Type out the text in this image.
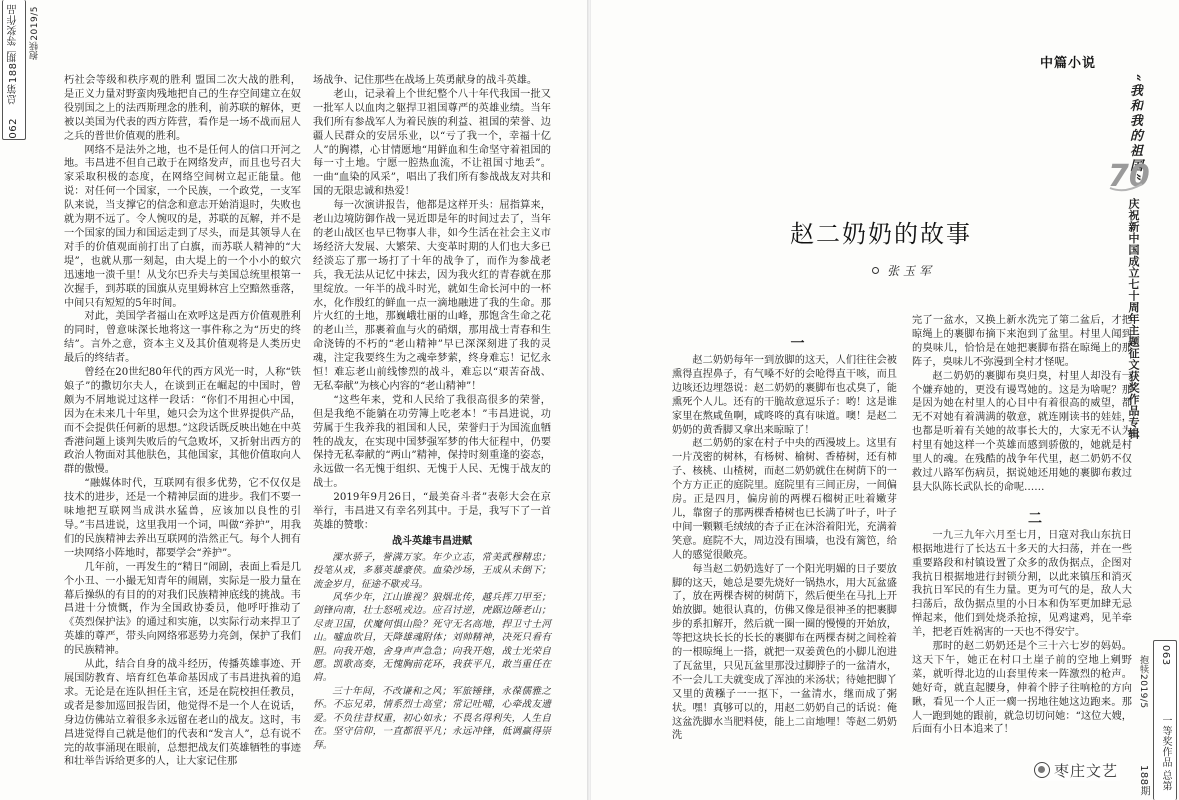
一等奖作品
总第188期
062
抱犊2019/5

朽社会等级和秩序观的胜利 盟国二次大战的胜利，是正义力量对野蛮肉残地把自己的生存空间建立在奴役别国之上的法西斯理念的胜利，前苏联的解体，更被以美国为代表的西方阵营，看作是一场不战而屈人之兵的普世价值观的胜利。

网络不是法外之地，也不是任何人的信口开河之地。韦昌进不但自己敢于在网络发声，而且也号召大家采取积极的态度，在网络空间树立起正能量。他说：对任何一个国家，一个民族，一个政党，一支军队来说，当支撑它的信念和意志开始消退时，失败也就为期不远了。令人惋叹的是，苏联的瓦解，并不是一个国家的国力和国运走到了尽头，而是其领导人在对手的价值观面前打出了白旗，而苏联人精神的“大堤”，也就从那一刻起，由大堤上的一个小小的蚁穴迅速地一溃千里！从戈尔巴乔夫与美国总统里根第一次握手，到苏联的国旗从克里姆林宫上空黯然垂落，中间只有短短的5年时间。

对此，美国学者福山在欢呼这是西方价值观胜利的同时，曾意味深长地将这一事件称之为“历史的终结”。言外之意，资本主义及其价值观将是人类历史最后的终结者。

曾经在20世纪80年代的西方风光一时，人称“铁娘子”的撒切尔夫人，在谈到正在崛起的中国时，曾颇为不屑地说过这样一段话：“你们不用担心中国，因为在未来几十年里，她只会为这个世界提供产品，而不会提供任何新的思想。”这段话既反映出她在中英香港问题上谈判失败后的气急败坏，又折射出西方的政治人物面对其他肤色，其他国家，其他价值取向人群的傲慢。

“融媒体时代，互联网有很多优势，它不仅仅是技术的进步，还是一个精神层面的进步。我们不要一味地把互联网当成洪水猛兽，应该加以良性的引导。”韦昌进说，这里我用一个词，叫做“养护”，用我们的民族精神去养出互联网的浩然正气。每个人拥有一块网络小阵地时，都要学会“养护”。

几年前，一再发生的“精日”闹剧，表面上看是几个小丑、一小撮无知青年的闹剧，实际是一股力量在幕后操纵的有目的的对我们民族精神底线的挑战。韦昌进十分愤慨，作为全国政协委员，他呼吁推动了《英烈保护法》的通过和实施，以实际行动来捍卫了英雄的尊严，带头向网络邪恶势力亮剑，保护了我们的民族精神。

从此，结合自身的战斗经历，传播英雄事迹、开展国防教育、培育红色革命基因成了韦昌进执着的追求。无论是在连队担任主官，还是在院校担任教员，或者是参加巡回报告团，他觉得不是一个人在说话，身边仿佛站立着很多永远留在老山的战友。这时，韦昌进觉得自己就是他们的代表和“发言人”，总有说不完的故事涌现在眼前，总想把战友们英雄牺牲的事迹和壮举告诉给更多的人，让大家记住那

场战争、记住那些在战场上英勇献身的战斗英雄。

老山，记录着上个世纪整个八十年代我国一批又一批军人以血肉之躯捍卫祖国尊严的英雄业绩。当年我们所有参战军人为着民族的利益、祖国的荣誉、边疆人民群众的安居乐业，以“亏了我一个，幸福十亿人”的胸襟，心甘情愿地“用鲜血和生命坚守着祖国的每一寸土地。宁愿一腔热血流，不让祖国寸地丢”。一曲“血染的风采”，唱出了我们所有参战战友对共和国的无限忠诚和热爱！

每一次演讲报告，他都是这样开头：屈指算来，老山边境防御作战一晃近即是年的时间过去了，当年的老山战区也早已物事人非，如今生活在社会主义市场经济大发展、大繁荣、大变革时期的人们也大多已经淡忘了那一场打了十年的战争了，而作为参战老兵，我无法从记忆中抹去，因为我火红的青春就在那里绽放。一年半的战斗时光，就如生命长河中的一杯水，化作殷红的鲜血一点一滴地融进了我的生命。那片火红的土地，那巍峨壮丽的山峰，那饱含生命之花的老山兰，那裹着血与火的硝烟，那用战士青春和生命浇铸的不朽的“老山精神”早已深深刻进了我的灵魂，注定我要终生为之魂牵梦萦，终身难忘！记忆永恒！难忘老山前线惨烈的战斗，难忘以“艰苦奋战、无私奉献”为核心内容的“老山精神”！

“这些年来，党和人民给了我很高很多的荣誉，但是我绝不能躺在功劳簿上吃老本！”韦昌进说，功劳属于生我养我的祖国和人民，荣誉归于为国流血牺牲的战友，在实现中国梦强军梦的伟大征程中，仍要保持无私奉献的“两山”精神，保持时刻重逢的姿态，永远做一名无愧于组织、无愧于人民、无愧于战友的战士。

2019年9月26日，“最美奋斗者”表彰大会在京举行，韦昌进又有幸名列其中。于是，我写下了一首英雄的赞歌：

战斗英雄韦昌进赋

溧水骄子，誉满万家。年少立志，常美武穆精忠；投笔从戎，多慕英雄豪侠。血染沙场，王成从未倒下；流金岁月，征途不歇戎马。

风华少年，江山谁视？狼烟北传，越兵挥刀甲至；剑锋向南，壮士怒吼戎边。应召讨逆，虎踞边陲老山；尽责卫国，伏魔何惧山险？死守无名高地，捍卫寸土河山。嘘血吹目，天降雄魂附体；刘帅精神，决死只看有胆。向我开炮，舍身声声急急；向我开炮，战士光荣自愿。凯歌高奏，无愧胸前花环，我获平凡，敢当重任在肩。

三十年间，不改谦和之风；军旅锤锋，永葆儒雅之怀。不忘兄弟，情系烈士高堂；常记吐哺，心牵战友遗爱。不负往昔权重，初心如永；不畏名得利失，人生自在。坚守信仰，一直都很平凡；永远冲锋，低调赢得崇拜。

中篇小说
“我和我的祖国”
70
庆祝新中国成立七十周年主题征文获奖作品专辑
赵二奶奶的故事
张玉军

一

赵二奶奶每年一到放脚的这天，人们往往会被熏得直捏鼻子，有气嗓不好的会呛得直干咳，而且边咳还边埋怨说：赵二奶奶的裹脚布也忒臭了，能熏死个人儿。还有的干脆故意逗乐子：哟！这是谁家里在熬咸鱼啊，咸咚咚的真有味道。噢！是赵二奶奶的黄香脚又拿出来晾晾了！

赵二奶奶的家在村子中央的西漫坡上。这里有一片茂密的树林，有杨树、榆树、香椿树，还有柿子、核桃、山楂树，而赵二奶奶就住在树荫下的一个方方正正的庭院里。庭院里有三间正房，一间偏房。正是四月，偏房前的两棵石榴树正吐着嫩芽儿，靠窗子的那两棵香椿树也已长满了叶子，叶子中间一颗颗毛绒绒的杏子正在沐浴着阳光，充满着笑意。庭院不大，周边没有围墙，也没有篱笆，给人的感觉很敞亮。

每当赵二奶奶选好了一个阳光明媚的日子要放脚的这天，她总是要先烧好一锅热水，用大瓦盆盛了，放在两棵杏树的树荫下，然后便坐在马扎上开始放脚。她很认真的，仿佛又像是很神圣的把裹脚步的系扣解开，然后就一圈一圈的慢慢的开始放，等把这块长长的长长的裹脚布在两棵杏树之间栓着的一根晾绳上一搭，就把一双姜黄色的小脚儿泡进了瓦盆里，只见瓦盆里那没过脚脖子的一盆清水，不一会儿工夫就变成了浑浊的米汤状；待她把脚丫又里的黄糨子一一抠下，一盆清水，继而成了粥状。嘿！真够可以的，用赵二奶奶自己的话说：俺这盆洗脚水当肥料使，能上二亩地哩！等赵二奶奶洗

完了一盆水，又换上新水洗完了第二盆后，才把晾绳上的裹脚布摘下来泡到了盆里。村里人闻到的臭味儿，恰恰是在她把裹脚布搭在晾绳上的那阵子，臭味儿不弥漫到全村才怪呢。

赵二奶奶的裹脚布臭归臭，村里人却没有一个嫌弃她的，更没有谩骂她的。这是为啥呢？那是因为她在村里人的心目中有着很高的威望，都无不对她有着满满的敬意，就连刚读书的娃娃，也都是听着有关她的故事长大的，大家无不认为村里有她这样一个英雄而感到骄傲的，她就是村里人的魂。在残酷的战争年代里，赵二奶奶不仅救过八路军伤病员，据说她还用她的裹脚布救过县大队陈长武队长的命呢……

二

一九三九年六月至七月，日寇对我山东抗日根据地进行了长达五十多天的大扫荡，并在一些重要路段和村镇设置了众多的敌伪据点，企图对我抗日根据地进行封锁分割，以此来镇压和消灭我抗日军民的有生力量。更为可气的是，敌人大扫荡后，敌伪据点里的小日本和伪军更加肆无忌惮起来，他们到处烧杀抢掠，见鸡逮鸡，见羊牵羊，把老百姓祸害的一天也不得安宁。

那时的赵二奶奶还是个三十六七岁的妈妈。这天下午，她正在村口土崖子前的空地上剜野菜，就听得北边的山套里传来一阵激烈的枪声。她好奇，就直起腰身，伸着个脖子往响枪的方向瞅，看见一个人正一瘸一拐地往她这边跑来。那人一跑到她的跟前，就急切切问她：“这位大嫂，后面有小日本追来了！

063
一等奖作品
总第188期
抱犊2019/5
枣庄文艺
